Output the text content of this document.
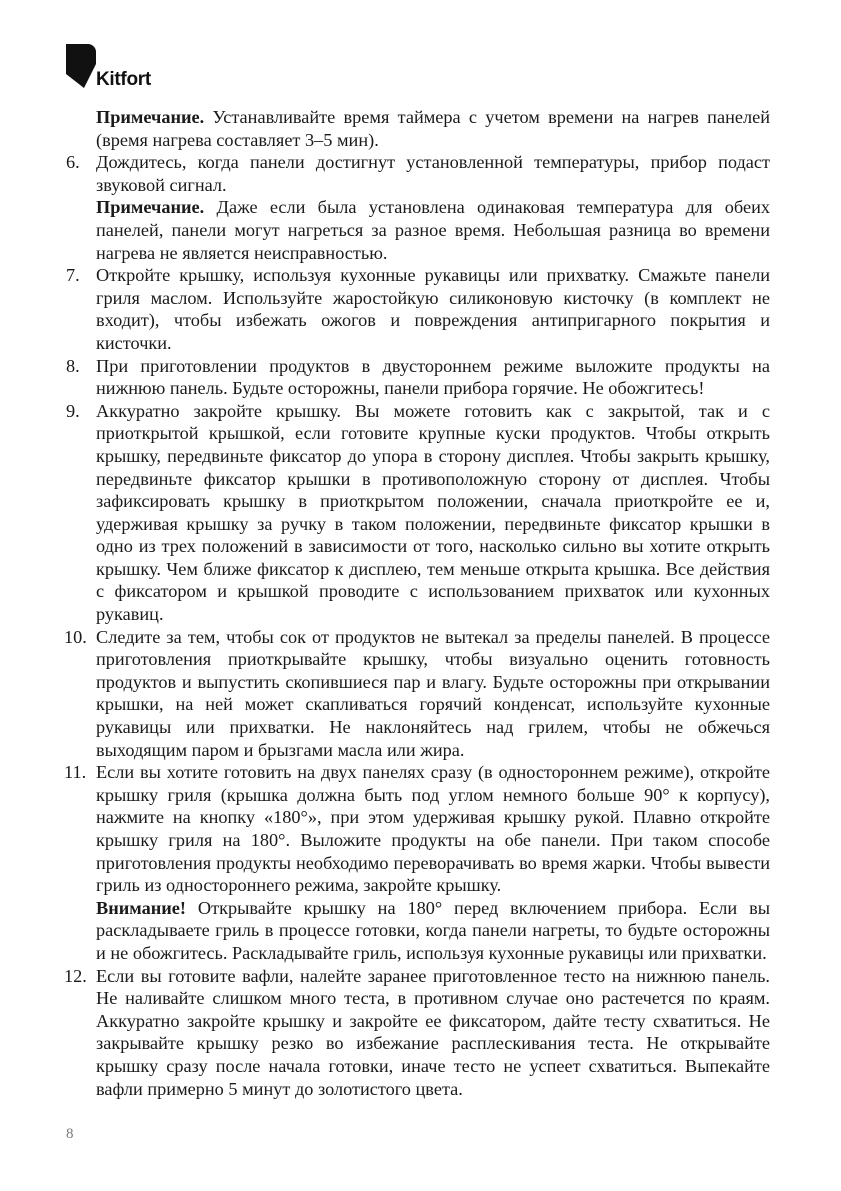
Kitfort

Примечание. Устанавливайте время таймера с учетом времени на нагрев панелей (время нагрева составляет 3–5 мин).

6. Дождитесь, когда панели достигнут установленной температуры, прибор подаст звуковой сигнал.

Примечание. Даже если была установлена одинаковая температура для обеих панелей, панели могут нагреться за разное время. Небольшая разница во времени нагрева не является неисправностью.

7. Откройте крышку, используя кухонные рукавицы или прихватку. Смажьте панели гриля маслом. Используйте жаростойкую силиконовую кисточку (в комплект не входит), чтобы избежать ожогов и повреждения антипригарного покрытия и кисточки.

8. При приготовлении продуктов в двустороннем режиме выложите продукты на нижнюю панель. Будьте осторожны, панели прибора горячие. Не обожгитесь!

9. Аккуратно закройте крышку. Вы можете готовить как с закрытой, так и с приоткрытой крышкой, если готовите крупные куски продуктов. Чтобы открыть крышку, передвиньте фиксатор до упора в сторону дисплея. Чтобы закрыть крышку, передвиньте фиксатор крышки в противоположную сторону от дисплея. Чтобы зафиксировать крышку в приоткрытом положении, сначала приоткройте ее и, удерживая крышку за ручку в таком положении, передвиньте фиксатор крышки в одно из трех положений в зависимости от того, насколько сильно вы хотите открыть крышку. Чем ближе фиксатор к дисплею, тем меньше открыта крышка. Все действия с фиксатором и крышкой проводите с использованием прихваток или кухонных рукавиц.

10. Следите за тем, чтобы сок от продуктов не вытекал за пределы панелей. В процессе приготовления приоткрывайте крышку, чтобы визуально оценить готовность продуктов и выпустить скопившиеся пар и влагу. Будьте осторожны при открывании крышки, на ней может скапливаться горячий конденсат, используйте кухонные рукавицы или прихватки. Не наклоняйтесь над грилем, чтобы не обжечься выходящим паром и брызгами масла или жира.

11. Если вы хотите готовить на двух панелях сразу (в одностороннем режиме), откройте крышку гриля (крышка должна быть под углом немного больше 90° к корпусу), нажмите на кнопку «180°», при этом удерживая крышку рукой. Плавно откройте крышку гриля на 180°. Выложите продукты на обе панели. При таком способе приготовления продукты необходимо переворачивать во время жарки. Чтобы вывести гриль из одностороннего режима, закройте крышку.

Внимание! Открывайте крышку на 180° перед включением прибора. Если вы раскладываете гриль в процессе готовки, когда панели нагреты, то будьте осторожны и не обожгитесь. Раскладывайте гриль, используя кухонные рукавицы или прихватки.

12. Если вы готовите вафли, налейте заранее приготовленное тесто на нижнюю панель. Не наливайте слишком много теста, в противном случае оно растечется по краям. Аккуратно закройте крышку и закройте ее фиксатором, дайте тесту схватиться. Не закрывайте крышку резко во избежание расплескивания теста. Не открывайте крышку сразу после начала готовки, иначе тесто не успеет схватиться. Выпекайте вафли примерно 5 минут до золотистого цвета.

8
